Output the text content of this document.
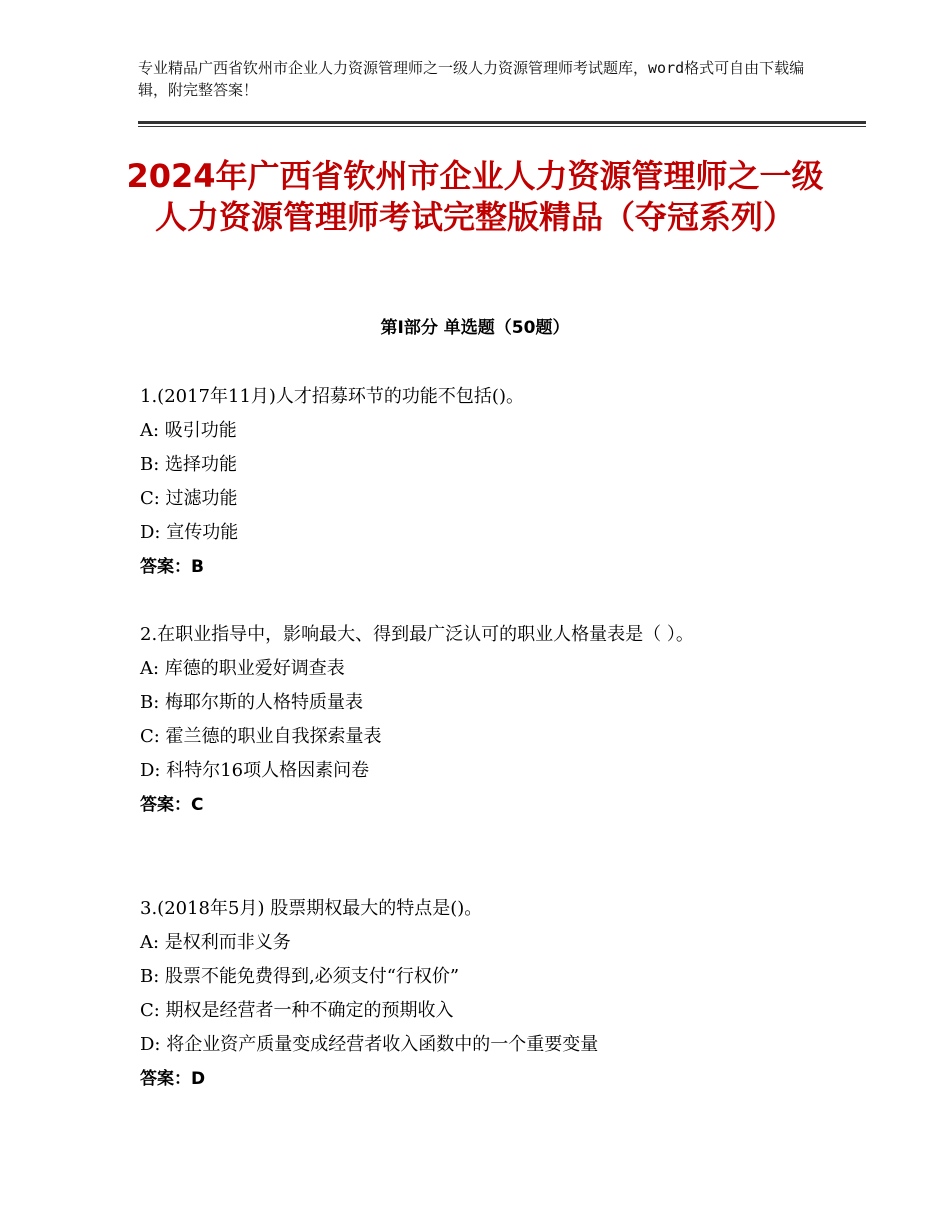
专业精品广西省钦州市企业人力资源管理师之一级人力资源管理师考试题库，word格式可自由下载编辑，附完整答案！
2024年广西省钦州市企业人力资源管理师之一级人力资源管理师考试完整版精品（夺冠系列）
第Ⅰ部分 单选题（50题）
1.(2017年11月)人才招募环节的功能不包括()。
A: 吸引功能
B: 选择功能
C: 过滤功能
D: 宣传功能
答案：B
2.在职业指导中，影响最大、得到最广泛认可的职业人格量表是（ ）。
A: 库德的职业爱好调查表
B: 梅耶尔斯的人格特质量表
C: 霍兰德的职业自我探索量表
D: 科特尔16项人格因素问卷
答案：C
3.(2018年5月) 股票期权最大的特点是()。
A: 是权利而非义务
B: 股票不能免费得到,必须支付“行权价”
C: 期权是经营者一种不确定的预期收入
D: 将企业资产质量变成经营者收入函数中的一个重要变量
答案：D
